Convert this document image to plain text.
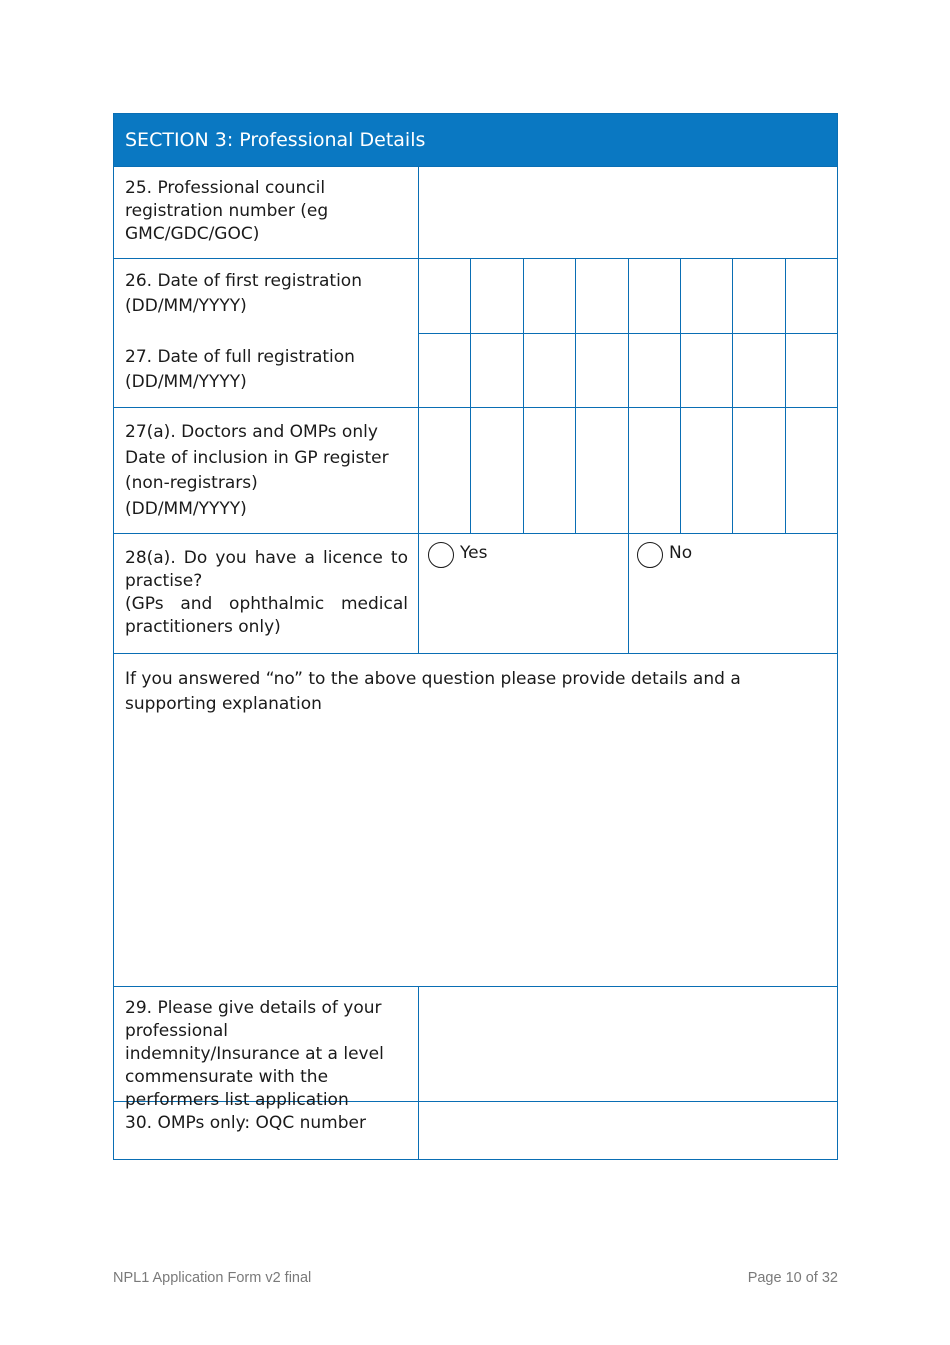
SECTION 3: Professional Details
25. Professional council registration number (eg GMC/GDC/GOC)
26. Date of first registration
(DD/MM/YYYY)
27. Date of full registration
(DD/MM/YYYY)
27(a). Doctors and OMPs only
Date of inclusion in GP register
(non-registrars)
(DD/MM/YYYY)
28(a). Do you have a licence to practise?
(GPs and ophthalmic medical practitioners only)
Yes	No
If you answered “no” to the above question please provide details and a supporting explanation
29. Please give details of your professional indemnity/Insurance at a level commensurate with the performers list application
30. OMPs only: OQC number
NPL1 Application Form v2 final	Page 10 of 32
